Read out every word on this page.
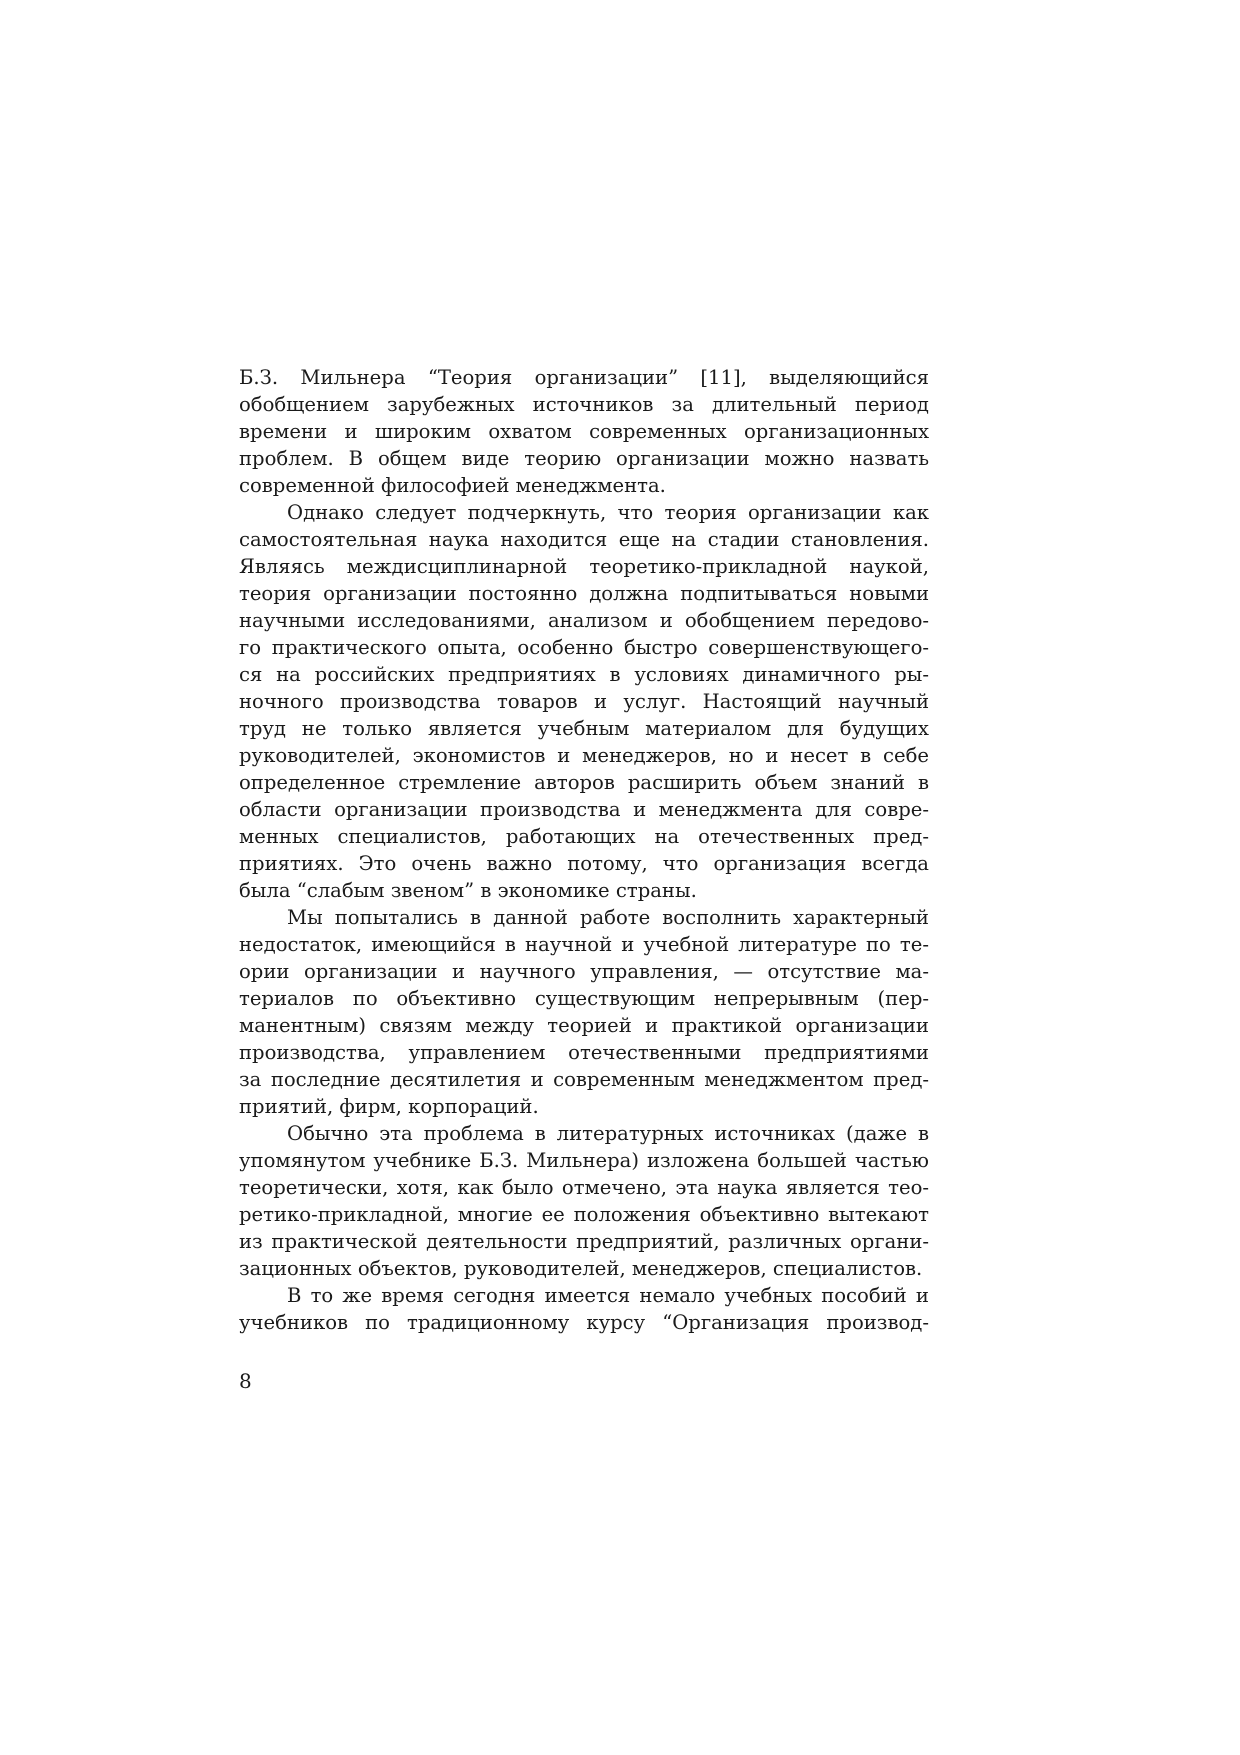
Б.З. Мильнера “Теория организации” [11], выделяющийся
обобщением зарубежных источников за длительный период
времени и широким охватом современных организационных
проблем. В общем виде теорию организации можно назвать
современной философией менеджмента.
Однако следует подчеркнуть, что теория организации как
самостоятельная наука находится еще на стадии становления.
Являясь междисциплинарной теоретико-прикладной наукой,
теория организации постоянно должна подпитываться новыми
научными исследованиями, анализом и обобщением передово-
го практического опыта, особенно быстро совершенствующего-
ся на российских предприятиях в условиях динамичного ры-
ночного производства товаров и услуг. Настоящий научный
труд не только является учебным материалом для будущих
руководителей, экономистов и менеджеров, но и несет в себе
определенное стремление авторов расширить объем знаний в
области организации производства и менеджмента для совре-
менных специалистов, работающих на отечественных пред-
приятиях. Это очень важно потому, что организация всегда
была “слабым звеном” в экономике страны.
Мы попытались в данной работе восполнить характерный
недостаток, имеющийся в научной и учебной литературе по те-
ории организации и научного управления, — отсутствие ма-
териалов по объективно существующим непрерывным (пер-
манентным) связям между теорией и практикой организации
производства, управлением отечественными предприятиями
за последние десятилетия и современным менеджментом пред-
приятий, фирм, корпораций.
Обычно эта проблема в литературных источниках (даже в
упомянутом учебнике Б.З. Мильнера) изложена большей частью
теоретически, хотя, как было отмечено, эта наука является тео-
ретико-прикладной, многие ее положения объективно вытекают
из практической деятельности предприятий, различных органи-
зационных объектов, руководителей, менеджеров, специалистов.
В то же время сегодня имеется немало учебных пособий и
учебников по традиционному курсу “Организация производ-
8
